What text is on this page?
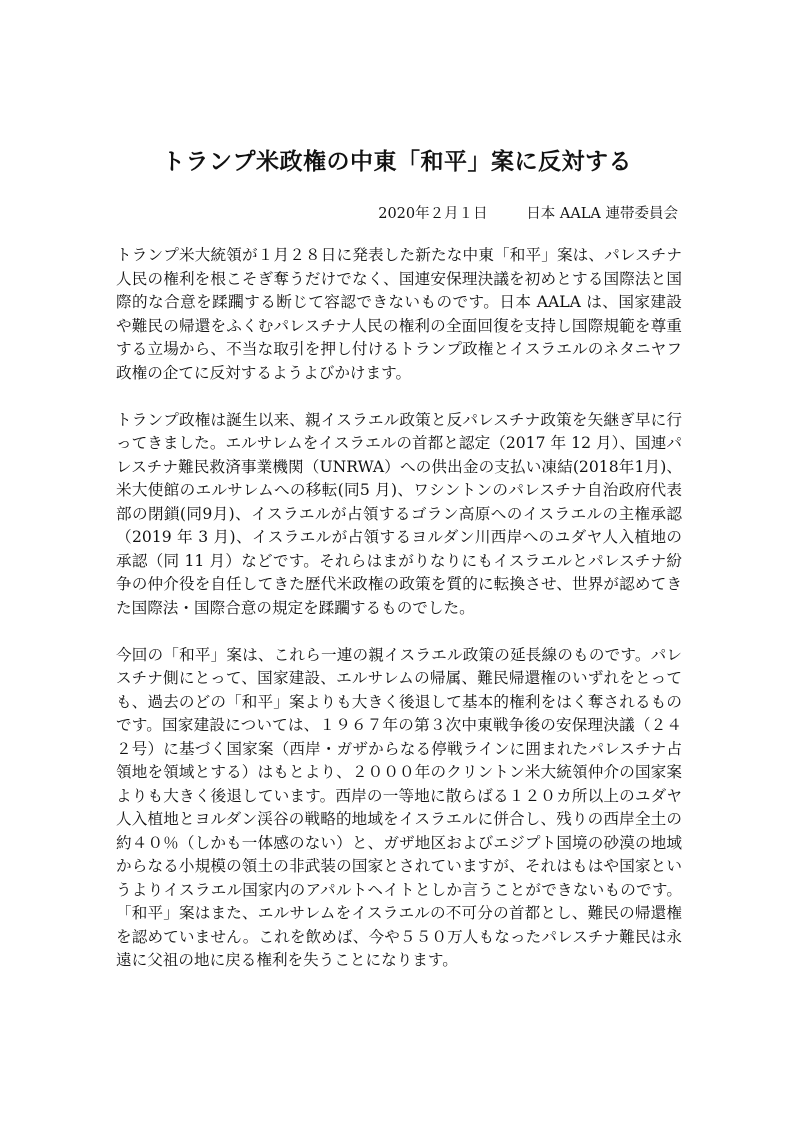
トランプ米政権の中東「和平」案に反対する
2020年２月１日	日本 AALA 連帯委員会

トランプ米大統領が１月２８日に発表した新たな中東「和平」案は、パレスチナ人民の権利を根こそぎ奪うだけでなく、国連安保理決議を初めとする国際法と国際的な合意を蹂躙する断じて容認できないものです。日本 AALA は、国家建設や難民の帰還をふくむパレスチナ人民の権利の全面回復を支持し国際規範を尊重する立場から、不当な取引を押し付けるトランプ政権とイスラエルのネタニヤフ政権の企てに反対するようよびかけます。

トランプ政権は誕生以来、親イスラエル政策と反パレスチナ政策を矢継ぎ早に行ってきました。エルサレムをイスラエルの首都と認定（2017 年 12 月）、国連パレスチナ難民救済事業機関（UNRWA）への供出金の支払い凍結(2018年1月)、米大使館のエルサレムへの移転(同5 月)、ワシントンのパレスチナ自治政府代表部の閉鎖(同9月)、イスラエルが占領するゴラン高原へのイスラエルの主権承認（2019 年 3 月)、イスラエルが占領するヨルダン川西岸へのユダヤ人入植地の承認（同 11 月）などです。それらはまがりなりにもイスラエルとパレスチナ紛争の仲介役を自任してきた歴代米政権の政策を質的に転換させ、世界が認めてきた国際法・国際合意の規定を蹂躙するものでした。

今回の「和平」案は、これら一連の親イスラエル政策の延長線のものです。パレスチナ側にとって、国家建設、エルサレムの帰属、難民帰還権のいずれをとっても、過去のどの「和平」案よりも大きく後退して基本的権利をはく奪されるものです。国家建設については、１９６７年の第３次中東戦争後の安保理決議（２４２号）に基づく国家案（西岸・ガザからなる停戦ラインに囲まれたパレスチナ占領地を領域とする）はもとより、２０００年のクリントン米大統領仲介の国家案よりも大きく後退しています。西岸の一等地に散らばる１２０カ所以上のユダヤ人入植地とヨルダン渓谷の戦略的地域をイスラエルに併合し、残りの西岸全土の約４０％（しかも一体感のない）と、ガザ地区およびエジプト国境の砂漠の地域からなる小規模の領土の非武装の国家とされていますが、それはもはや国家というよりイスラエル国家内のアパルトヘイトとしか言うことができないものです。「和平」案はまた、エルサレムをイスラエルの不可分の首都とし、難民の帰還権を認めていません。これを飲めば、今や５５０万人もなったパレスチナ難民は永遠に父祖の地に戻る権利を失うことになります。
